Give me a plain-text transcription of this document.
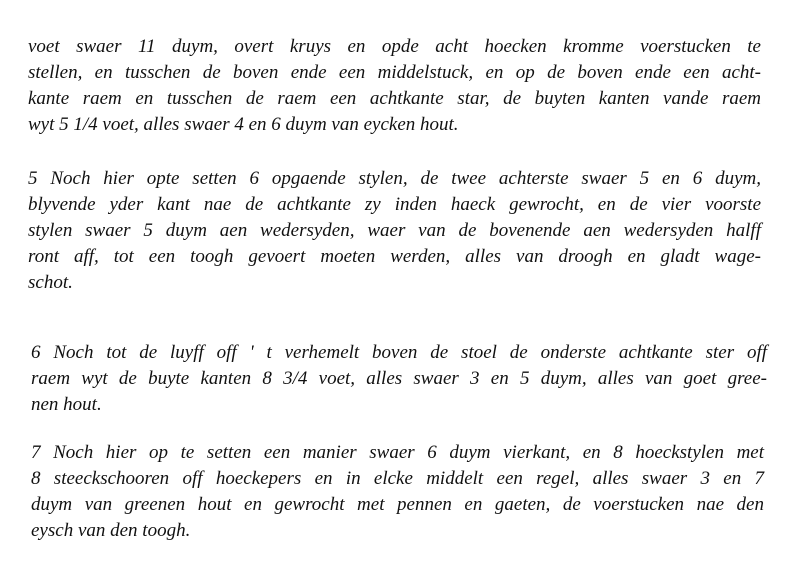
voet swaer 11 duym, overt kruys en opde acht hoecken kromme voerstucken te
stellen, en tusschen de boven ende een middelstuck, en op de boven ende een acht-
kante raem en tusschen de raem een achtkante star, de buyten kanten vande raem
wyt 5 1/4 voet, alles swaer 4 en 6 duym van eycken hout.
5 Noch hier opte setten 6 opgaende stylen, de twee achterste swaer 5 en 6 duym,
blyvende yder kant nae de achtkante zy inden haeck gewrocht, en de vier voorste
stylen swaer 5 duym aen wedersyden, waer van de bovenende aen wedersyden halff
ront aff, tot een toogh gevoert moeten werden, alles van droogh en gladt wage-
schot.
6 Noch tot de luyff off ' t verhemelt boven de stoel de onderste achtkante ster off
raem wyt de buyte kanten 8 3/4 voet, alles swaer 3 en 5 duym, alles van goet gree-
nen hout.
7 Noch hier op te setten een manier swaer 6 duym vierkant, en 8 hoeckstylen met
8 steeckschooren off hoeckepers en in elcke middelt een regel, alles swaer 3 en 7
duym van greenen hout en gewrocht met pennen en gaeten, de voerstucken nae den
eysch van den toogh.
